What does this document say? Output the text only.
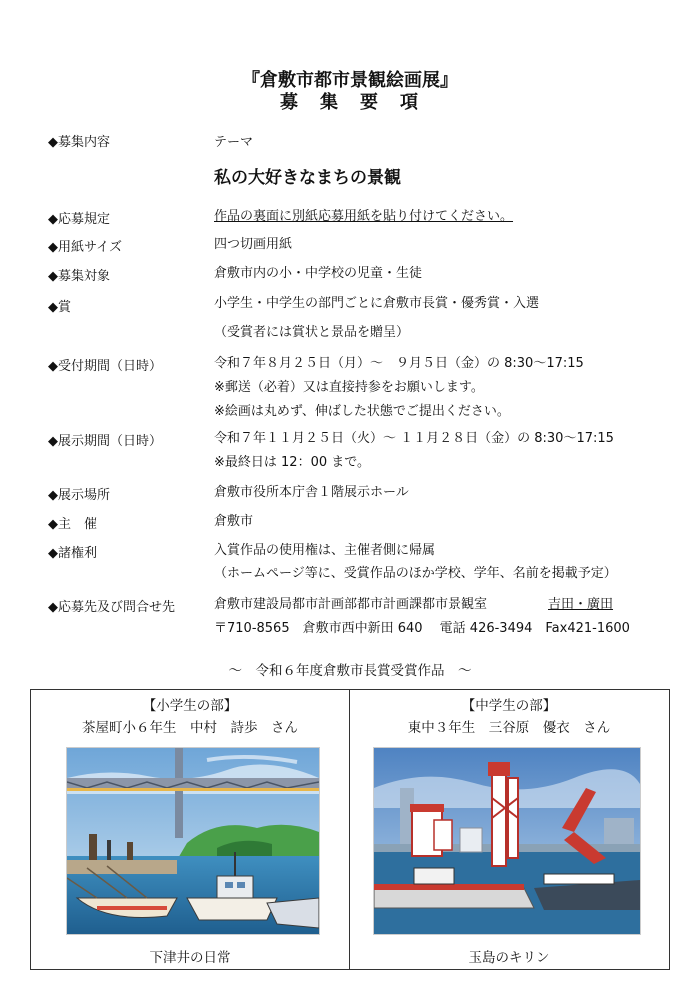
『倉敷市都市景観絵画展』
募　集　要　項
◆募集内容	テーマ
私の大好きなまちの景観
◆応募規定	作品の裏面に別紙応募用紙を貼り付けてください。
◆用紙サイズ	四つ切画用紙
◆募集対象	倉敷市内の小・中学校の児童・生徒
◆賞	小学生・中学生の部門ごとに倉敷市長賞・優秀賞・入選
（受賞者には賞状と景品を贈呈）
◆受付期間（日時）	令和７年８月２５日（月）～　９月５日（金）の 8:30～17:15
※郵送（必着）又は直接持参をお願いします。
※絵画は丸めず、伸ばした状態でご提出ください。
◆展示期間（日時）	令和７年１１月２５日（火）～ １１月２８日（金）の 8:30～17:15
※最終日は 12：00 まで。
◆展示場所	倉敷市役所本庁舎１階展示ホール
◆主　催	倉敷市
◆諸権利	入賞作品の使用権は、主催者側に帰属
（ホームページ等に、受賞作品のほか学校、学年、名前を掲載予定）
◆応募先及び問合せ先	倉敷市建設局都市計画部都市計画課都市景観室	吉田・廣田
〒710-8565　倉敷市西中新田 640　 電話 426-3494　Fax421-1600
～　令和６年度倉敷市長賞受賞作品　～
【小学生の部】
茶屋町小６年生　中村　詩歩　さん
【中学生の部】
東中３年生　三谷原　優衣　さん
下津井の日常	玉島のキリン
